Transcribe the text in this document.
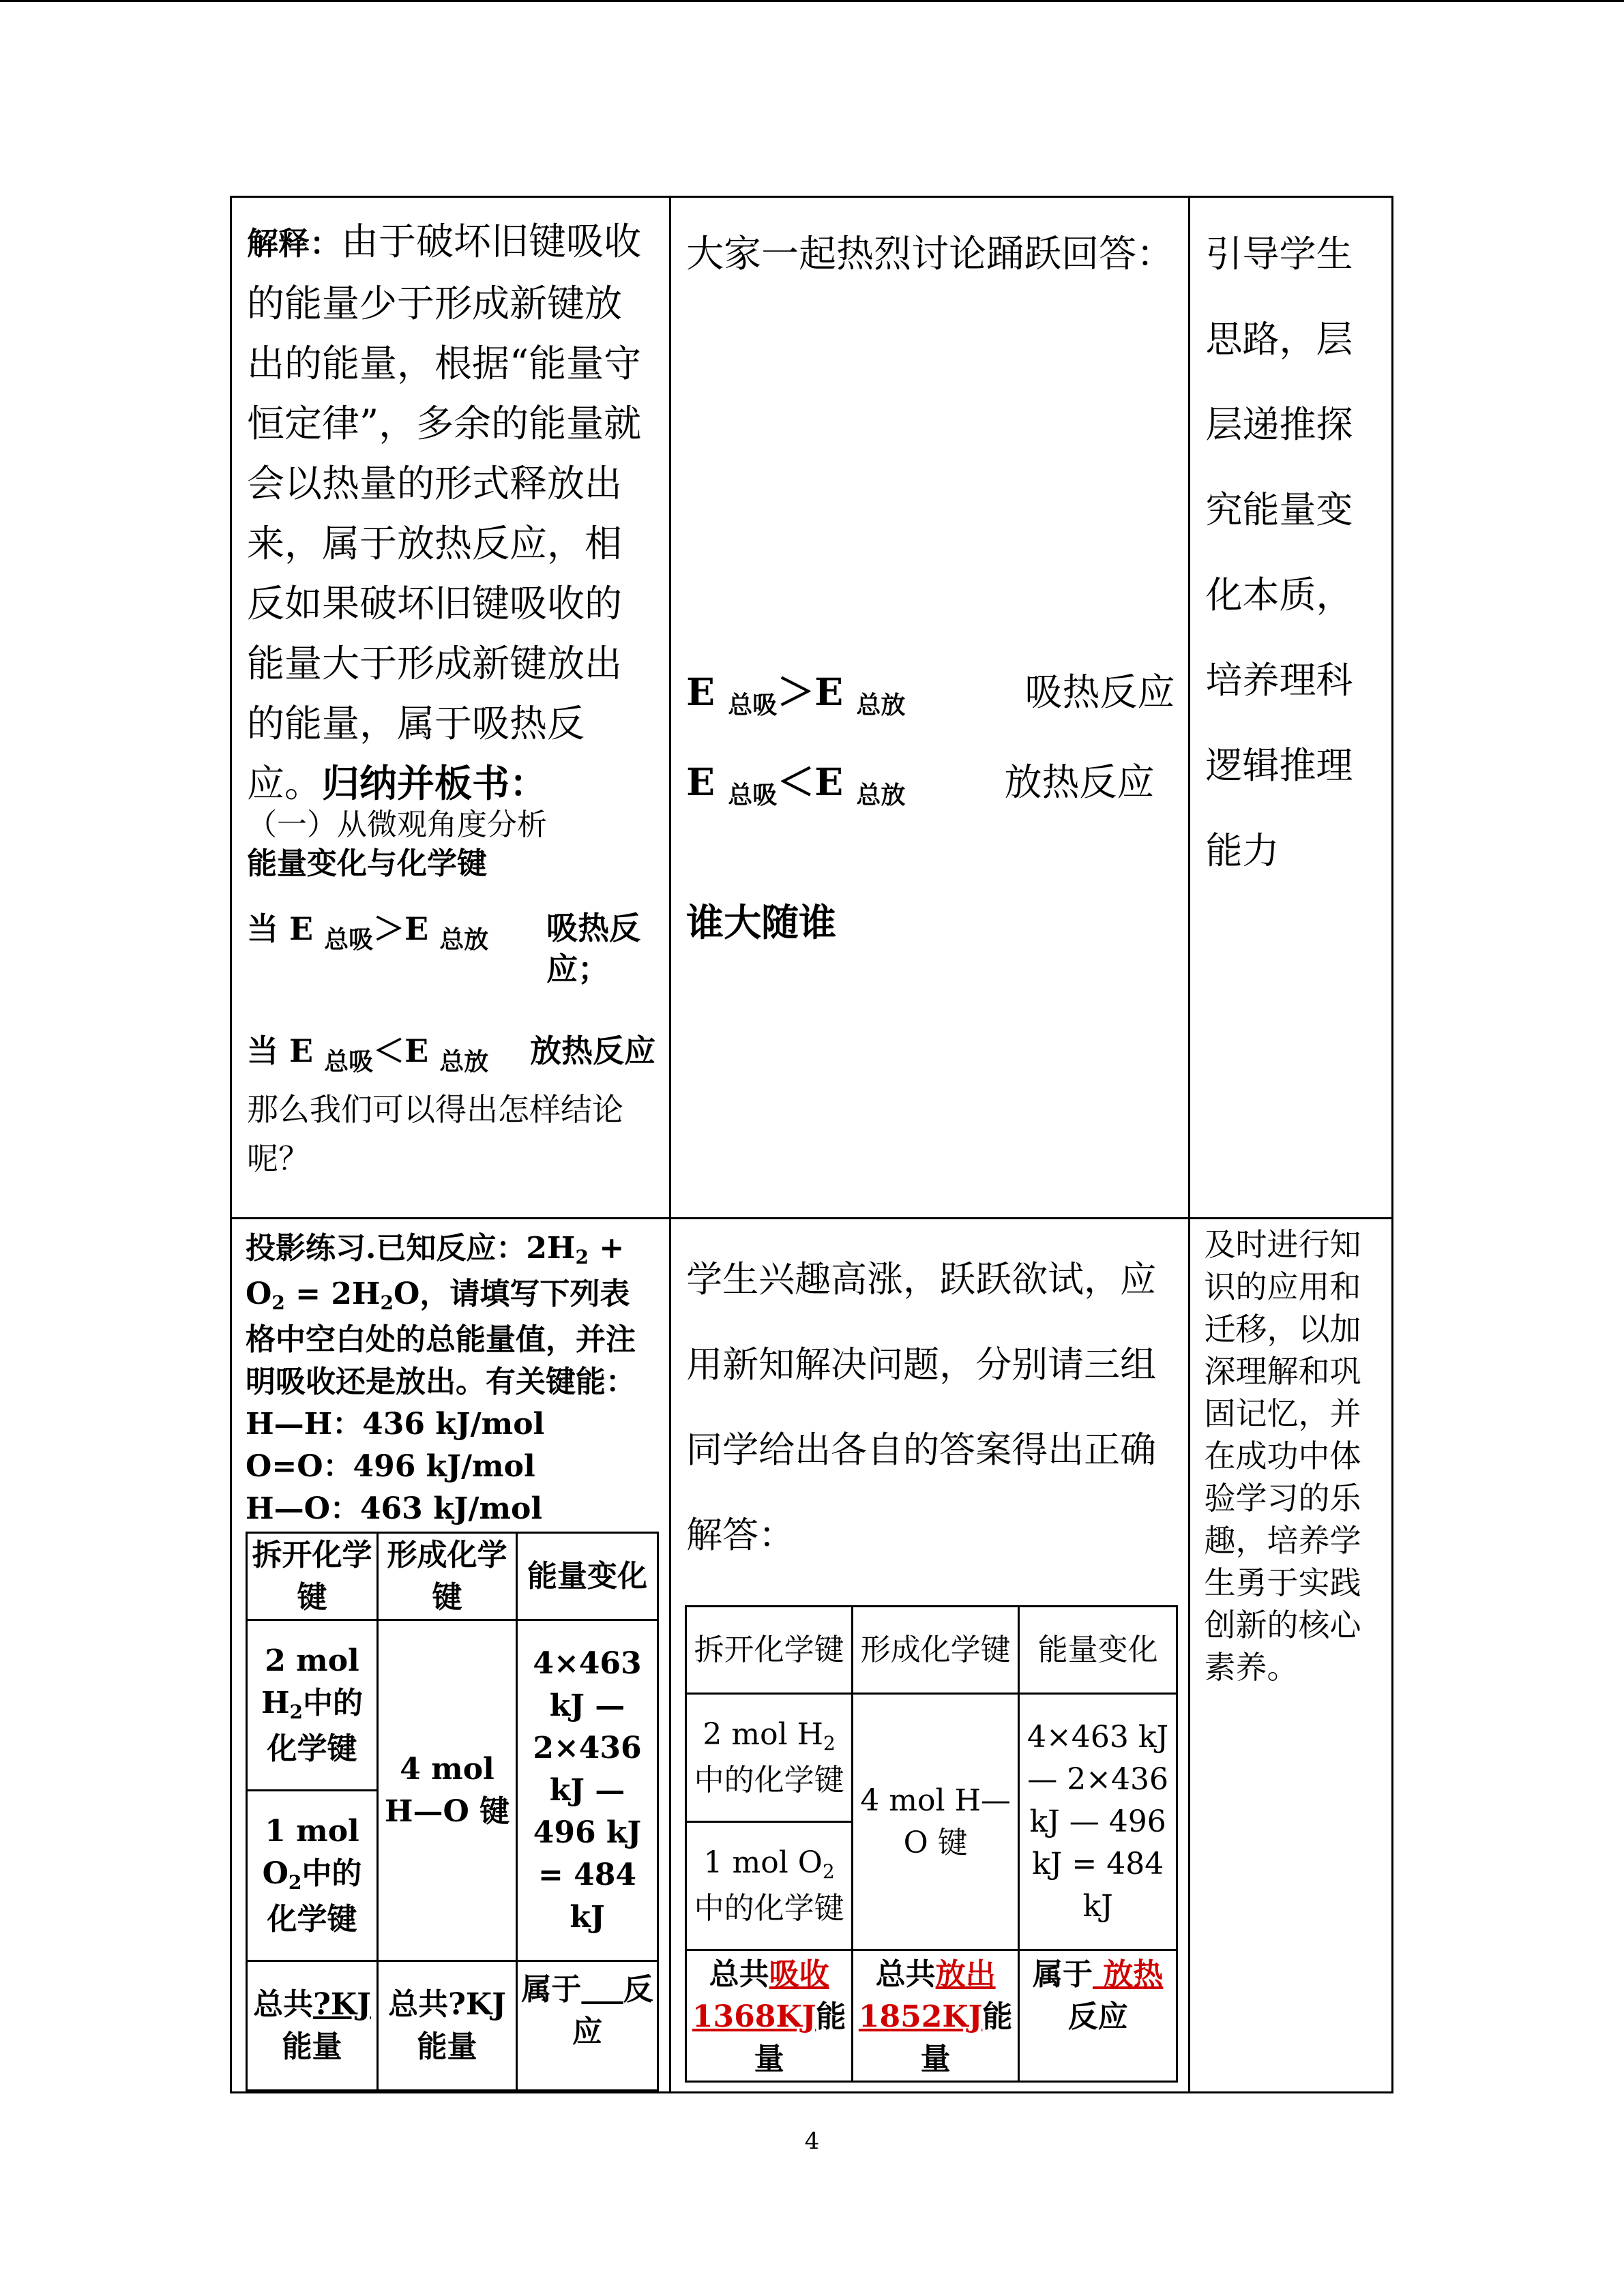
解释：由于破坏旧键吸收的能量少于形成新键放出的能量，根据“能量守恒定律”，多余的能量就会以热量的形式释放出来，属于放热反应，相反如果破坏旧键吸收的能量大于形成新键放出的能量，属于吸热反应。归纳并板书：
（一）从微观角度分析
能量变化与化学键
当 E $_{总吸}$＞E $_{总放}$	吸热反应；
当 E $_{总吸}$＜E $_{总放}$ 放热反应
那么我们可以得出怎样结论呢？

大家一起热烈讨论踊跃回答：
E $_{总吸}$＞E $_{总放}$	吸热反应
E $_{总吸}$＜E $_{总放}$	放热反应
谁大随谁

引导学生思路，层层递推探究能量变化本质，培养理科逻辑推理能力

投影练习.已知反应：2H2 + O2 = 2H2O，请填写下列表格中空白处的总能量值，并注明吸收还是放出。有关键能：
H—H：436 kJ/mol
O=O：496 kJ/mol
H—O：463 kJ/mol
拆开化学键	形成化学键	能量变化
2 mol H2中的化学键	4 mol H—O 键	4×463 kJ — 2×436 kJ — 496 kJ = 484 kJ
1 mol O2中的化学键
总共?KJ能量	总共?KJ能量	属于 反应

学生兴趣高涨，跃跃欲试，应用新知解决问题，分别请三组同学给出各自的答案得出正确解答：
拆开化学键	形成化学键	能量变化
2 mol H2中的化学键	4 mol H—O 键	4×463 kJ — 2×436 kJ — 496 kJ = 484 kJ
1 mol O2中的化学键
总共吸收1368KJ能量	总共放出1852KJ能量	属于 放热反应

及时进行知识的应用和迁移，以加深理解和巩固记忆，并在成功中体验学习的乐趣，培养学生勇于实践创新的核心素养。
4
